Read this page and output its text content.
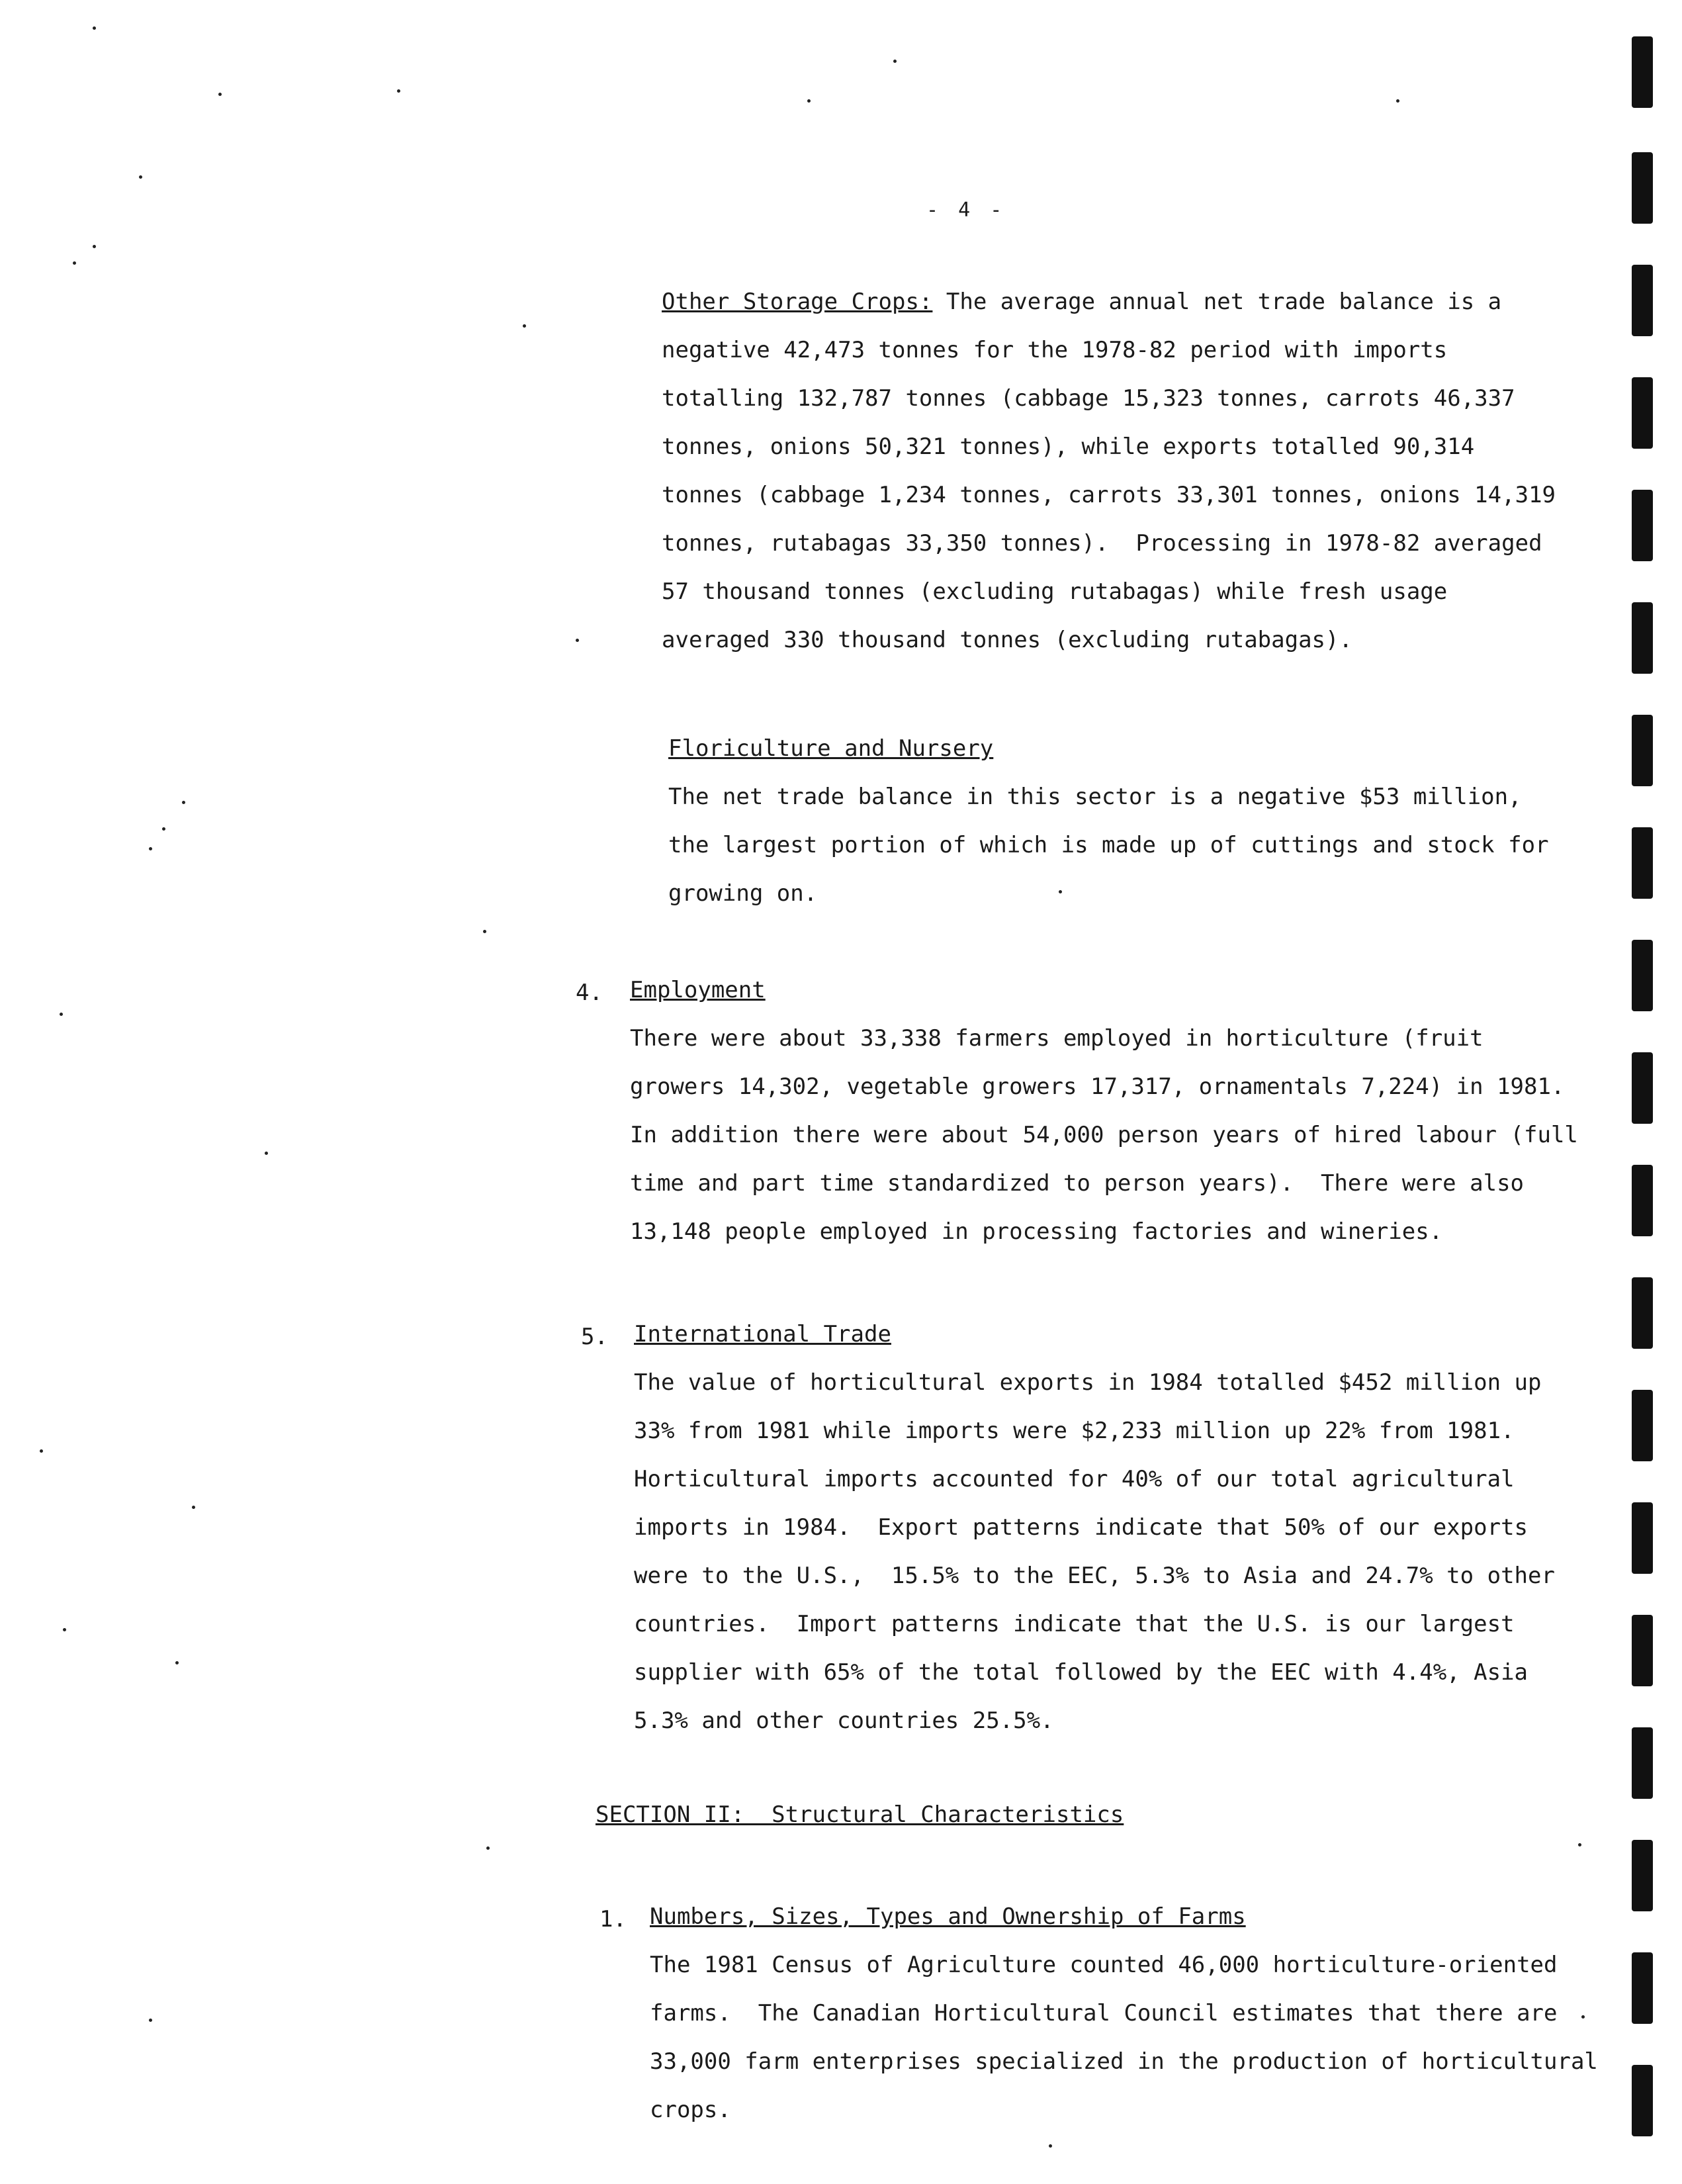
- 4 -
Other Storage Crops: The average annual net trade balance is a
negative 42,473 tonnes for the 1978-82 period with imports
totalling 132,787 tonnes (cabbage 15,323 tonnes, carrots 46,337
tonnes, onions 50,321 tonnes), while exports totalled 90,314
tonnes (cabbage 1,234 tonnes, carrots 33,301 tonnes, onions 14,319
tonnes, rutabagas 33,350 tonnes).  Processing in 1978-82 averaged
57 thousand tonnes (excluding rutabagas) while fresh usage
averaged 330 thousand tonnes (excluding rutabagas).
Floriculture and Nursery
The net trade balance in this sector is a negative $53 million,
the largest portion of which is made up of cuttings and stock for
growing on.
4. Employment
There were about 33,338 farmers employed in horticulture (fruit
growers 14,302, vegetable growers 17,317, ornamentals 7,224) in 1981.
In addition there were about 54,000 person years of hired labour (full
time and part time standardized to person years).  There were also
13,148 people employed in processing factories and wineries.
5. International Trade
The value of horticultural exports in 1984 totalled $452 million up
33% from 1981 while imports were $2,233 million up 22% from 1981.
Horticultural imports accounted for 40% of our total agricultural
imports in 1984.  Export patterns indicate that 50% of our exports
were to the U.S.,  15.5% to the EEC, 5.3% to Asia and 24.7% to other
countries.  Import patterns indicate that the U.S. is our largest
supplier with 65% of the total followed by the EEC with 4.4%, Asia
5.3% and other countries 25.5%.
SECTION II:  Structural Characteristics
1. Numbers, Sizes, Types and Ownership of Farms
The 1981 Census of Agriculture counted 46,000 horticulture-oriented
farms.  The Canadian Horticultural Council estimates that there are
33,000 farm enterprises specialized in the production of horticultural
crops.
